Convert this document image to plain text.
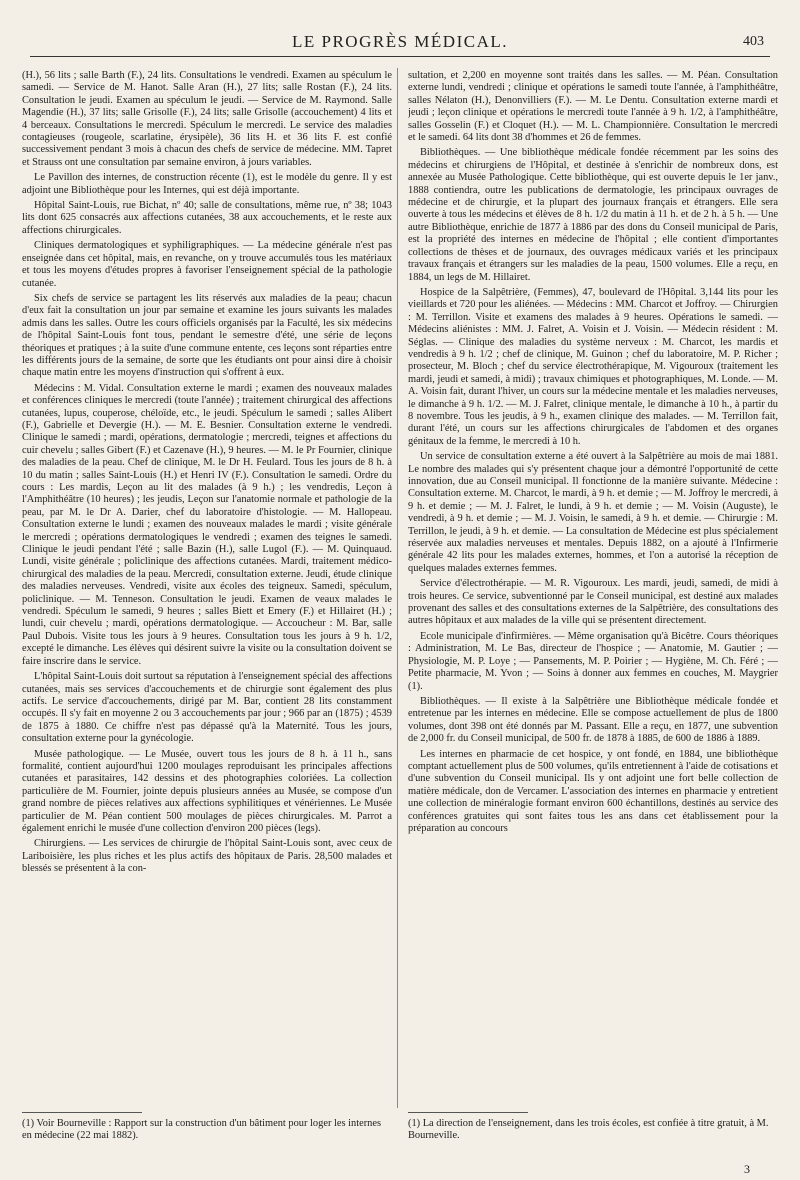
LE PROGRÈS MÉDICAL.	403

(H.), 56 lits ; salle Barth (F.), 24 lits. Consultations le vendredi. Examen au spéculum le samedi. — Service de M. Hanot. Salle Aran (H.), 27 lits; salle Rostan (F.), 24 lits. Consultation le jeudi. Examen au spéculum le jeudi. — Service de M. Raymond. Salle Magendie (H.), 37 lits; salle Grisolle (F.), 24 lits; salle Grisolle (accouchement) 4 lits et 4 berceaux. Consultations le mercredi. Spéculum le mercredi. Le service des maladies contagieuses (rougeole, scarlatine, érysipèle), 36 lits H. et 36 lits F. est confié successivement pendant 3 mois à chacun des chefs de service de médecine. MM. Tapret et Strauss ont une consultation par semaine environ, à jours variables.

Le Pavillon des internes, de construction récente (1), est le modèle du genre. Il y est adjoint une Bibliothèque pour les Internes, qui est déjà importante.

Hôpital Saint-Louis, rue Bichat, nº 40; salle de consultations, même rue, nº 38; 1043 lits dont 625 consacrés aux affections cutanées, 38 aux accouchements, et le reste aux affections chirurgicales.

Cliniques dermatologiques et syphiligraphiques. — La médecine générale n'est pas enseignée dans cet hôpital, mais, en revanche, on y trouve accumulés tous les matériaux et tous les moyens d'études propres à favoriser l'enseignement spécial de la pathologie cutanée.

Six chefs de service se partagent les lits réservés aux maladies de la peau; chacun d'eux fait la consultation un jour par semaine et examine les jours suivants les malades admis dans les salles. Outre les cours officiels organisés par la Faculté, les six médecins de l'hôpital Saint-Louis font tous, pendant le semestre d'été, une série de leçons théoriques et pratiques ; à la suite d'une commune entente, ces leçons sont réparties entre les différents jours de la semaine, de sorte que les étudiants ont pour ainsi dire à choisir chaque matin entre les moyens d'instruction qui s'offrent à eux.

Médecins : M. Vidal. Consultation externe le mardi ; examen des nouveaux malades et conférences cliniques le mercredi (toute l'année) ; traitement chirurgical des affections cutanées, lupus, couperose, chéloïde, etc., le jeudi. Spéculum le samedi ; salles Alibert (F.), Gabrielle et Devergie (H.). — M. E. Besnier. Consultation externe le vendredi. Clinique le samedi ; mardi, opérations, dermatologie ; mercredi, teignes et affections du cuir chevelu ; salles Gibert (F.) et Cazenave (H.), 9 heures. — M. le Pr Fournier, clinique des maladies de la peau. Chef de clinique, M. le Dr H. Feulard. Tous les jours de 8 h. à 10 du matin ; salles Saint-Louis (H.) et Henri IV (F.). Consultation le samedi. Ordre du cours : Les mardis, Leçon au lit des malades (à 9 h.) ; les vendredis, Leçon à l'Amphithéâtre (10 heures) ; les jeudis, Leçon sur l'anatomie normale et pathologie de la peau, par M. le Dr A. Darier, chef du laboratoire d'histologie. — M. Hallopeau. Consultation externe le lundi ; examen des nouveaux malades le mardi ; visite générale le mercredi ; opérations dermatologiques le vendredi ; examen des teignes le samedi. Clinique le jeudi pendant l'été ; salle Bazin (H.), salle Lugol (F.). — M. Quinquaud. Lundi, visite générale ; policlinique des affections cutanées. Mardi, traitement médico-chirurgical des maladies de la peau. Mercredi, consultation externe. Jeudi, étude clinique des maladies nerveuses. Vendredi, visite aux écoles des teigneux. Samedi, spéculum, policlinique. — M. Tenneson. Consultation le jeudi. Examen de veaux malades le vendredi. Spéculum le samedi, 9 heures ; salles Biett et Emery (F.) et Hillairet (H.) ; lundi, cuir chevelu ; mardi, opérations dermatologique. — Accoucheur : M. Bar, salle Paul Dubois. Visite tous les jours à 9 heures. Consultation tous les jours à 9 h. 1/2, excepté le dimanche. Les élèves qui désirent suivre la visite ou la consultation doivent se faire inscrire dans le service.

L'hôpital Saint-Louis doit surtout sa réputation à l'enseignement spécial des affections cutanées, mais ses services d'accouchements et de chirurgie sont également des plus actifs. Le service d'accouchements, dirigé par M. Bar, contient 28 lits constamment occupés. Il s'y fait en moyenne 2 ou 3 accouchements par jour ; 966 par an (1875) ; 4539 de 1875 à 1880. Ce chiffre n'est pas dépassé qu'à la Maternité. Tous les jours, consultation externe pour la gynécologie.

Musée pathologique. — Le Musée, ouvert tous les jours de 8 h. à 11 h., sans formalité, contient aujourd'hui 1200 moulages reproduisant les principales affections cutanées et parasitaires, 142 dessins et des photographies coloriées. La collection particulière de M. Fournier, jointe depuis plusieurs années au Musée, se compose d'un grand nombre de pièces relatives aux affections syphilitiques et vénériennes. Le Musée particulier de M. Péan contient 500 moulages de pièces chirurgicales. M. Parrot a également enrichi le musée d'une collection d'environ 200 pièces (legs).

Chirurgiens. — Les services de chirurgie de l'hôpital Saint-Louis sont, avec ceux de Lariboisière, les plus riches et les plus actifs des hôpitaux de Paris. 28,500 malades et blessés se présentent à la con-

sultation, et 2,200 en moyenne sont traités dans les salles. — M. Péan. Consultation externe lundi, vendredi ; clinique et opérations le samedi toute l'année, à l'amphithéâtre, salles Nélaton (H.), Denonvilliers (F.). — M. Le Dentu. Consultation externe mardi et jeudi ; leçon clinique et opérations le mercredi toute l'année à 9 h. 1/2, à l'amphithéâtre, salles Gosselin (F.) et Cloquet (H.). — M. L. Championnière. Consultation le mercredi et le samedi. 64 lits dont 38 d'hommes et 26 de femmes.

Bibliothèques. — Une bibliothèque médicale fondée récemment par les soins des médecins et chirurgiens de l'Hôpital, et destinée à s'enrichir de nombreux dons, est annexée au Musée Pathologique. Cette bibliothèque, qui est ouverte depuis le 1er janv., 1888 contiendra, outre les publications de dermatologie, les principaux ouvrages de médecine et de chirurgie, et la plupart des journaux français et étrangers. Elle sera ouverte à tous les médecins et élèves de 8 h. 1/2 du matin à 11 h. et de 2 h. à 5 h. — Une autre Bibliothèque, enrichie de 1877 à 1886 par des dons du Conseil municipal de Paris, est la propriété des internes en médecine de l'hôpital ; elle contient d'importantes collections de thèses et de journaux, des ouvrages médicaux variés et les principaux travaux français et étrangers sur les maladies de la peau, 1500 volumes. Elle a reçu, en 1884, un legs de M. Hillairet.

Hospice de la Salpêtrière, (Femmes), 47, boulevard de l'Hôpital. 3,144 lits pour les vieillards et 720 pour les aliénées. — Médecins : MM. Charcot et Joffroy. — Chirurgien : M. Terrillon. Visite et examens des malades à 9 heures. Opérations le samedi. — Médecins aliénistes : MM. J. Falret, A. Voisin et J. Voisin. — Médecin résident : M. Séglas. — Clinique des maladies du système nerveux : M. Charcot, les mardis et vendredis à 9 h. 1/2 ; chef de clinique, M. Guinon ; chef du laboratoire, M. P. Richer ; prosecteur, M. Bloch ; chef du service électrothérapique, M. Vigouroux (traitement les mardi, jeudi et samedi, à midi) ; travaux chimiques et photographiques, M. Londe. — M. A. Voisin fait, durant l'hiver, un cours sur la médecine mentale et les maladies nerveuses, le dimanche à 9 h. 1/2. — M. J. Falret, clinique mentale, le dimanche à 10 h., à partir du 8 novembre. Tous les jeudis, à 9 h., examen clinique des malades. — M. Terrillon fait, durant l'été, un cours sur les affections chirurgicales de l'abdomen et des organes génitaux de la femme, le mercredi à 10 h.

Un service de consultation externe a été ouvert à la Salpêtrière au mois de mai 1881. Le nombre des malades qui s'y présentent chaque jour a démontré l'opportunité de cette innovation, due au Conseil municipal. Il fonctionne de la manière suivante. Médecine : Consultation externe. M. Charcot, le mardi, à 9 h. et demie ; — M. Joffroy le mercredi, à 9 h. et demie ; — M. J. Falret, le lundi, à 9 h. et demie ; — M. Voisin (Auguste), le vendredi, à 9 h. et demie ; — M. J. Voisin, le samedi, à 9 h. et demie. — Chirurgie : M. Terrillon, le jeudi, à 9 h. et demie. — La consultation de Médecine est plus spécialement réservée aux maladies nerveuses et mentales. Depuis 1882, on a ajouté à l'Infirmerie générale 42 lits pour les malades externes, hommes, et l'on a autorisé la réception de quelques malades externes femmes.

Service d'électrothérapie. — M. R. Vigouroux. Les mardi, jeudi, samedi, de midi à trois heures. Ce service, subventionné par le Conseil municipal, est destiné aux malades provenant des salles et des consultations externes de la Salpêtrière, des consultations des autres hôpitaux et aux malades de la ville qui se présentent directement.

Ecole municipale d'infirmières. — Même organisation qu'à Bicêtre. Cours théoriques : Administration, M. Le Bas, directeur de l'hospice ; — Anatomie, M. Gautier ; — Physiologie, M. P. Loye ; — Pansements, M. P. Poirier ; — Hygiène, M. Ch. Féré ; — Petite pharmacie, M. Yvon ; — Soins à donner aux femmes en couches, M. Maygrier (1).

Bibliothèques. — Il existe à la Salpêtrière une Bibliothèque médicale fondée et entretenue par les internes en médecine. Elle se compose actuellement de plus de 1800 volumes, dont 398 ont été donnés par M. Passant. Elle a reçu, en 1877, une subvention de 2,000 fr. du Conseil municipal, de 500 fr. de 1878 à 1885, de 600 de 1886 à 1889.

Les internes en pharmacie de cet hospice, y ont fondé, en 1884, une bibliothèque comptant actuellement plus de 500 volumes, qu'ils entretiennent à l'aide de cotisations et d'une subvention du Conseil municipal. Ils y ont adjoint une fort belle collection de matière médicale, don de Vercamer. L'association des internes en pharmacie y entretient une collection de minéralogie formant environ 600 échantillons, destinés au service des conférences gratuites qui sont faites tous les ans dans cet établissement pour la préparation au concours

(1) Voir Bourneville : Rapport sur la construction d'un bâtiment pour loger les internes en médecine (22 mai 1882).
(1) La direction de l'enseignement, dans les trois écoles, est confiée à titre gratuit, à M. Bourneville.
3
